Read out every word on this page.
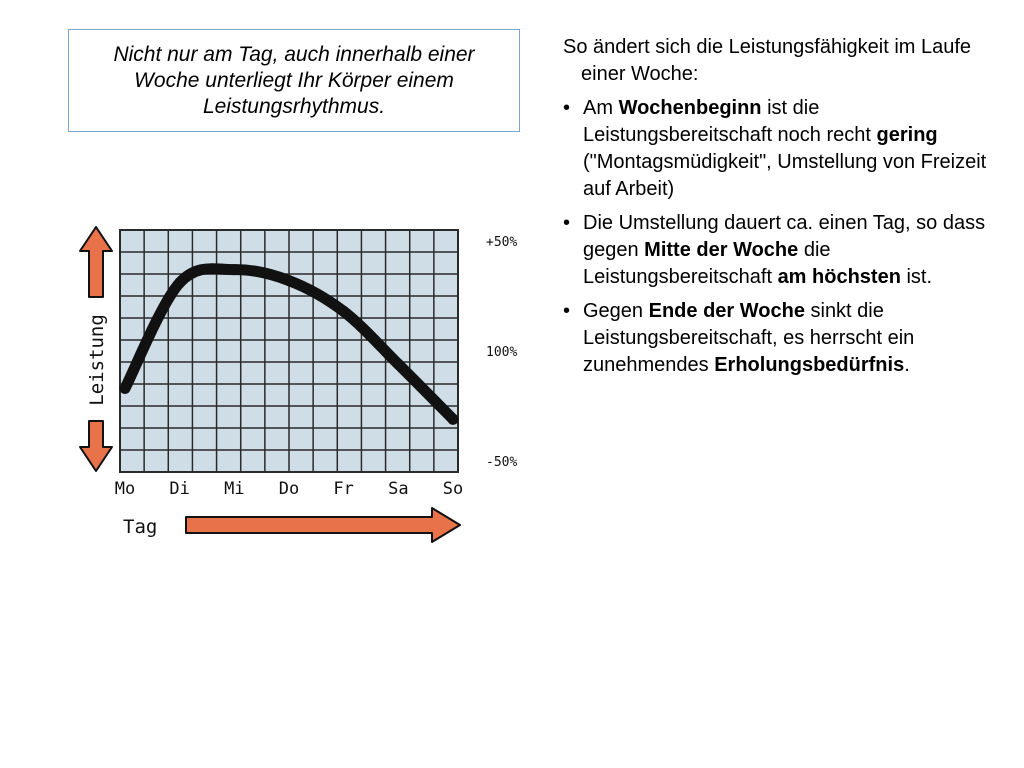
Nicht nur am Tag, auch innerhalb einer Woche unterliegt Ihr Körper einem Leistungsrhythmus.

+50%
100%
-50%
Mo Di Mi Do Fr Sa So
Leistung
Tag

So ändert sich die Leistungsfähigkeit im Laufe einer Woche:

• Am Wochenbeginn ist die Leistungsbereitschaft noch recht gering ("Montagsmüdigkeit", Umstellung von Freizeit auf Arbeit)
• Die Umstellung dauert ca. einen Tag, so dass gegen Mitte der Woche die Leistungsbereitschaft am höchsten ist.
• Gegen Ende der Woche sinkt die Leistungsbereitschaft, es herrscht ein zunehmendes Erholungsbedürfnis.
